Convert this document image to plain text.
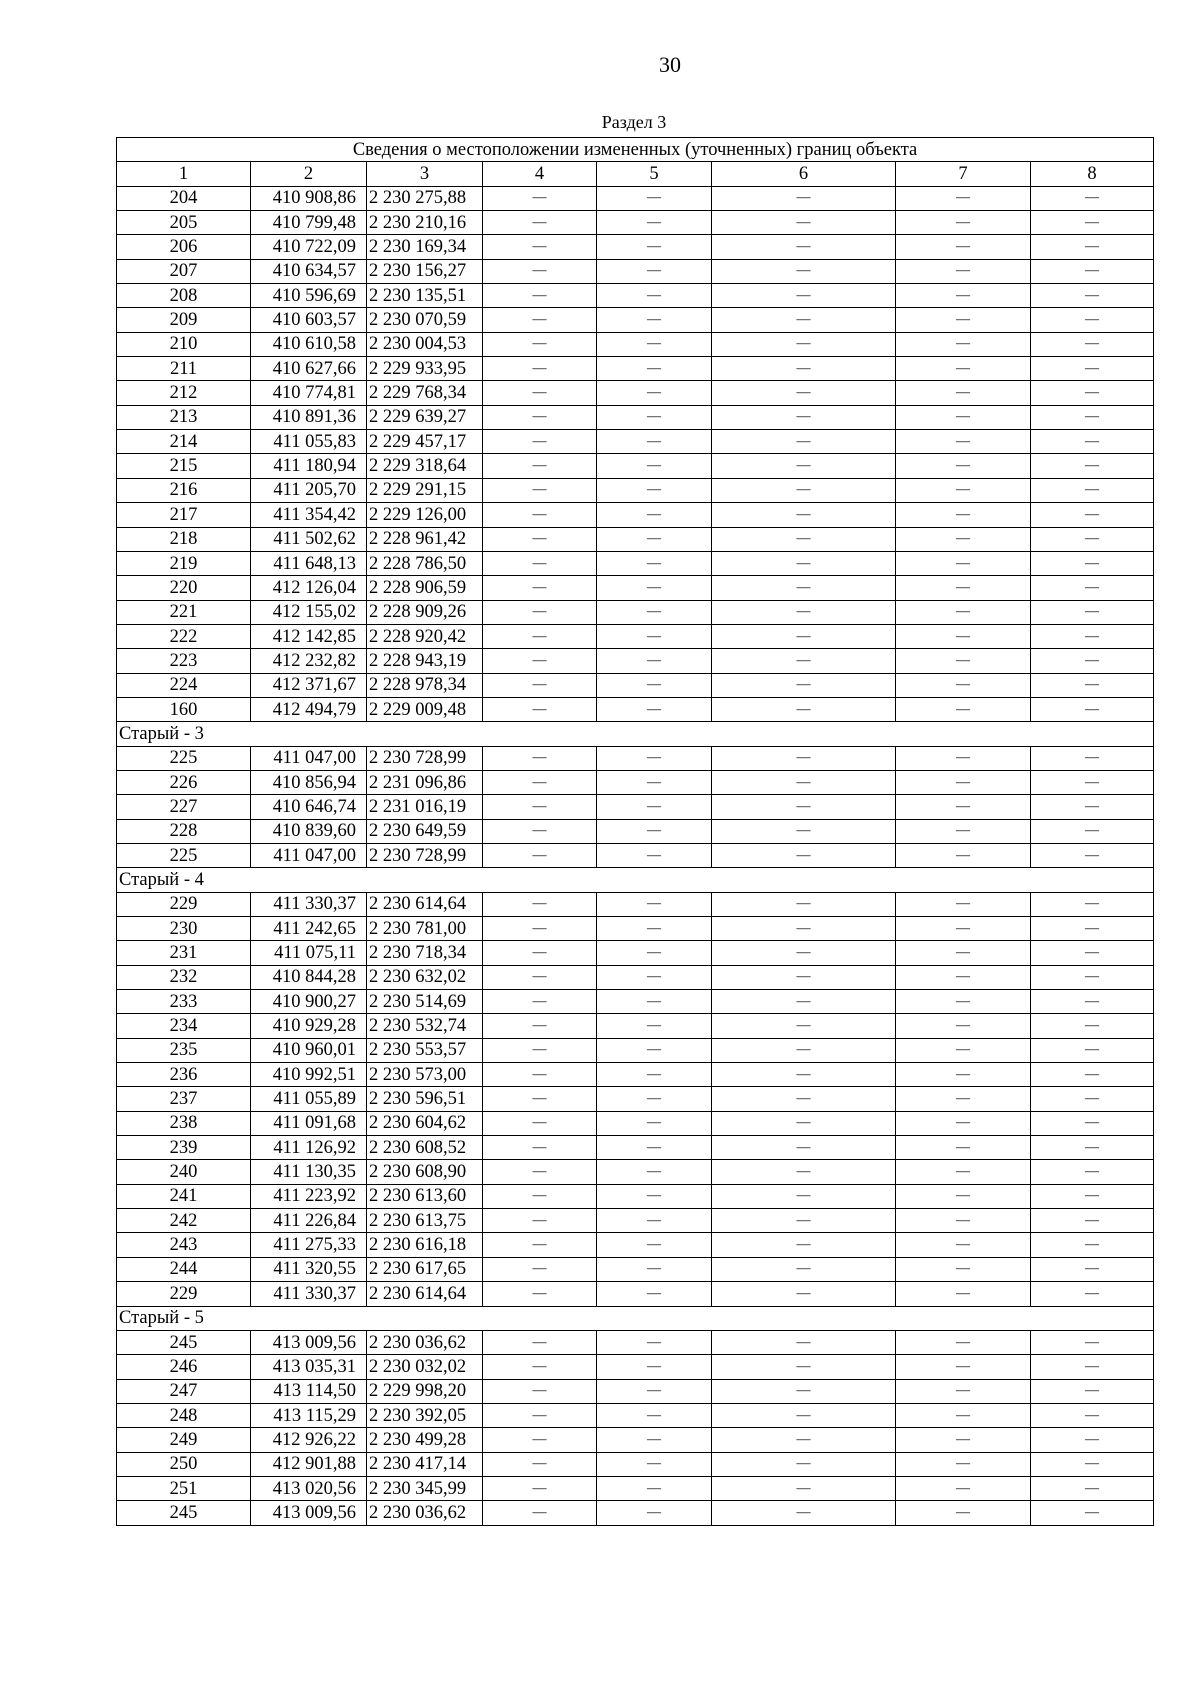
30
Раздел 3
Сведения о местоположении измененных (уточненных) границ объекта							
1	2	3	4	5	6	7	8
204	410 908,86	2 230 275,88	—	—	—	—	—
205	410 799,48	2 230 210,16	—	—	—	—	—
206	410 722,09	2 230 169,34	—	—	—	—	—
207	410 634,57	2 230 156,27	—	—	—	—	—
208	410 596,69	2 230 135,51	—	—	—	—	—
209	410 603,57	2 230 070,59	—	—	—	—	—
210	410 610,58	2 230 004,53	—	—	—	—	—
211	410 627,66	2 229 933,95	—	—	—	—	—
212	410 774,81	2 229 768,34	—	—	—	—	—
213	410 891,36	2 229 639,27	—	—	—	—	—
214	411 055,83	2 229 457,17	—	—	—	—	—
215	411 180,94	2 229 318,64	—	—	—	—	—
216	411 205,70	2 229 291,15	—	—	—	—	—
217	411 354,42	2 229 126,00	—	—	—	—	—
218	411 502,62	2 228 961,42	—	—	—	—	—
219	411 648,13	2 228 786,50	—	—	—	—	—
220	412 126,04	2 228 906,59	—	—	—	—	—
221	412 155,02	2 228 909,26	—	—	—	—	—
222	412 142,85	2 228 920,42	—	—	—	—	—
223	412 232,82	2 228 943,19	—	—	—	—	—
224	412 371,67	2 228 978,34	—	—	—	—	—
160	412 494,79	2 229 009,48	—	—	—	—	—
Старый - 3							
225	411 047,00	2 230 728,99	—	—	—	—	—
226	410 856,94	2 231 096,86	—	—	—	—	—
227	410 646,74	2 231 016,19	—	—	—	—	—
228	410 839,60	2 230 649,59	—	—	—	—	—
225	411 047,00	2 230 728,99	—	—	—	—	—
Старый - 4							
229	411 330,37	2 230 614,64	—	—	—	—	—
230	411 242,65	2 230 781,00	—	—	—	—	—
231	411 075,11	2 230 718,34	—	—	—	—	—
232	410 844,28	2 230 632,02	—	—	—	—	—
233	410 900,27	2 230 514,69	—	—	—	—	—
234	410 929,28	2 230 532,74	—	—	—	—	—
235	410 960,01	2 230 553,57	—	—	—	—	—
236	410 992,51	2 230 573,00	—	—	—	—	—
237	411 055,89	2 230 596,51	—	—	—	—	—
238	411 091,68	2 230 604,62	—	—	—	—	—
239	411 126,92	2 230 608,52	—	—	—	—	—
240	411 130,35	2 230 608,90	—	—	—	—	—
241	411 223,92	2 230 613,60	—	—	—	—	—
242	411 226,84	2 230 613,75	—	—	—	—	—
243	411 275,33	2 230 616,18	—	—	—	—	—
244	411 320,55	2 230 617,65	—	—	—	—	—
229	411 330,37	2 230 614,64	—	—	—	—	—
Старый - 5							
245	413 009,56	2 230 036,62	—	—	—	—	—
246	413 035,31	2 230 032,02	—	—	—	—	—
247	413 114,50	2 229 998,20	—	—	—	—	—
248	413 115,29	2 230 392,05	—	—	—	—	—
249	412 926,22	2 230 499,28	—	—	—	—	—
250	412 901,88	2 230 417,14	—	—	—	—	—
251	413 020,56	2 230 345,99	—	—	—	—	—
245	413 009,56	2 230 036,62	—	—	—	—	—
